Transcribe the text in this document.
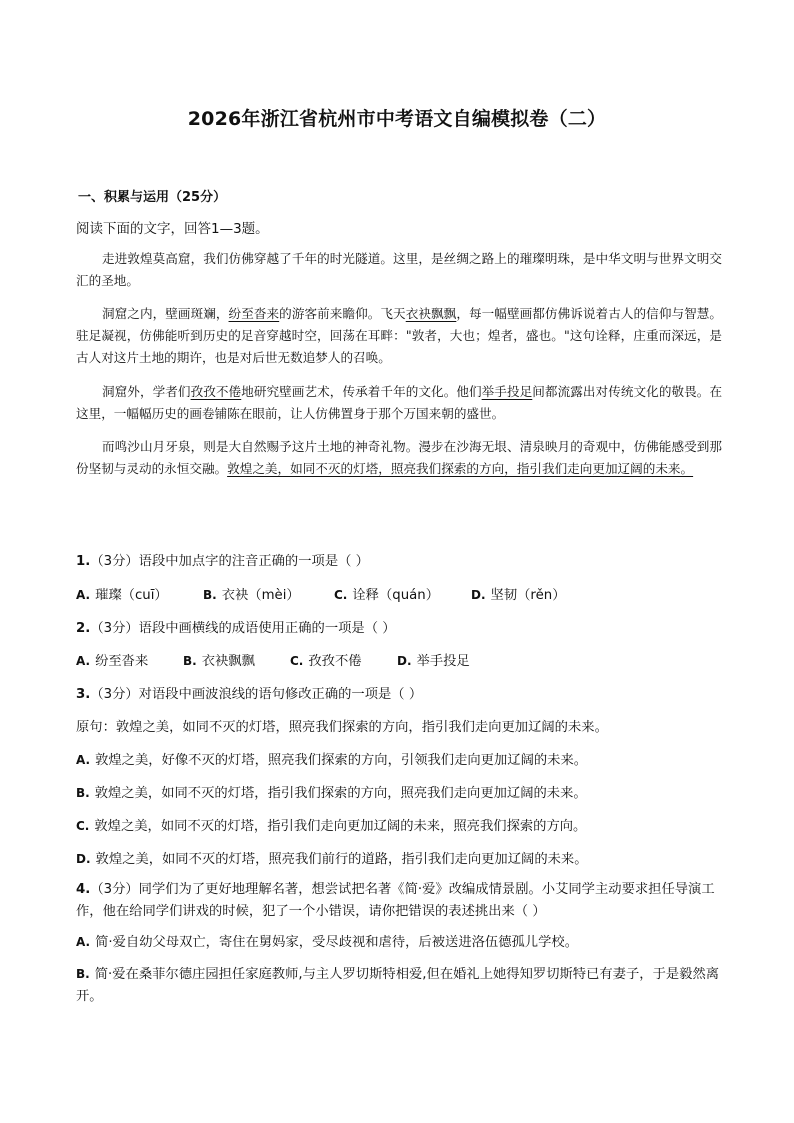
2026年浙江省杭州市中考语文自编模拟卷（二）
一、积累与运用（25分）
阅读下面的文字，回答1—3题。

走进敦煌莫高窟，我们仿佛穿越了千年的时光隧道。这里，是丝绸之路上的璀璨明珠，是中华文明与世界文明交汇的圣地。

洞窟之内，壁画斑斓，纷至沓来的游客前来瞻仰。飞天衣袂飘飘，每一幅壁画都仿佛诉说着古人的信仰与智慧。驻足凝视，仿佛能听到历史的足音穿越时空，回荡在耳畔："敦者，大也；煌者，盛也。"这句诠释，庄重而深远，是古人对这片土地的期许，也是对后世无数追梦人的召唤。

洞窟外，学者们孜孜不倦地研究壁画艺术，传承着千年的文化。他们举手投足间都流露出对传统文化的敬畏。在这里，一幅幅历史的画卷铺陈在眼前，让人仿佛置身于那个万国来朝的盛世。

而鸣沙山月牙泉，则是大自然赐予这片土地的神奇礼物。漫步在沙海无垠、清泉映月的奇观中，仿佛能感受到那份坚韧与灵动的永恒交融。敦煌之美，如同不灭的灯塔，照亮我们探索的方向，指引我们走向更加辽阔的未来。

1.（3分）语段中加点字的注音正确的一项是（ ）
A. 璀璨（cuī）	B. 衣袂（mèi）	C. 诠释（quán）	D. 坚韧（rěn）
2.（3分）语段中画横线的成语使用正确的一项是（ ）
A. 纷至沓来	B. 衣袂飘飘	C. 孜孜不倦	D. 举手投足
3.（3分）对语段中画波浪线的语句修改正确的一项是（ ）
原句：敦煌之美，如同不灭的灯塔，照亮我们探索的方向，指引我们走向更加辽阔的未来。
A. 敦煌之美，好像不灭的灯塔，照亮我们探索的方向，引领我们走向更加辽阔的未来。
B. 敦煌之美，如同不灭的灯塔，指引我们探索的方向，照亮我们走向更加辽阔的未来。
C. 敦煌之美，如同不灭的灯塔，指引我们走向更加辽阔的未来，照亮我们探索的方向。
D. 敦煌之美，如同不灭的灯塔，照亮我们前行的道路，指引我们走向更加辽阔的未来。

4.（3分）同学们为了更好地理解名著，想尝试把名著《简·爱》改编成情景剧。小艾同学主动要求担任导演工作，他在给同学们讲戏的时候，犯了一个小错误，请你把错误的表述挑出来（ ）

A. 简·爱自幼父母双亡，寄住在舅妈家，受尽歧视和虐待，后被送进洛伍德孤儿学校。

B. 简·爱在桑菲尔德庄园担任家庭教师,与主人罗切斯特相爱,但在婚礼上她得知罗切斯特已有妻子，于是毅然离开。
